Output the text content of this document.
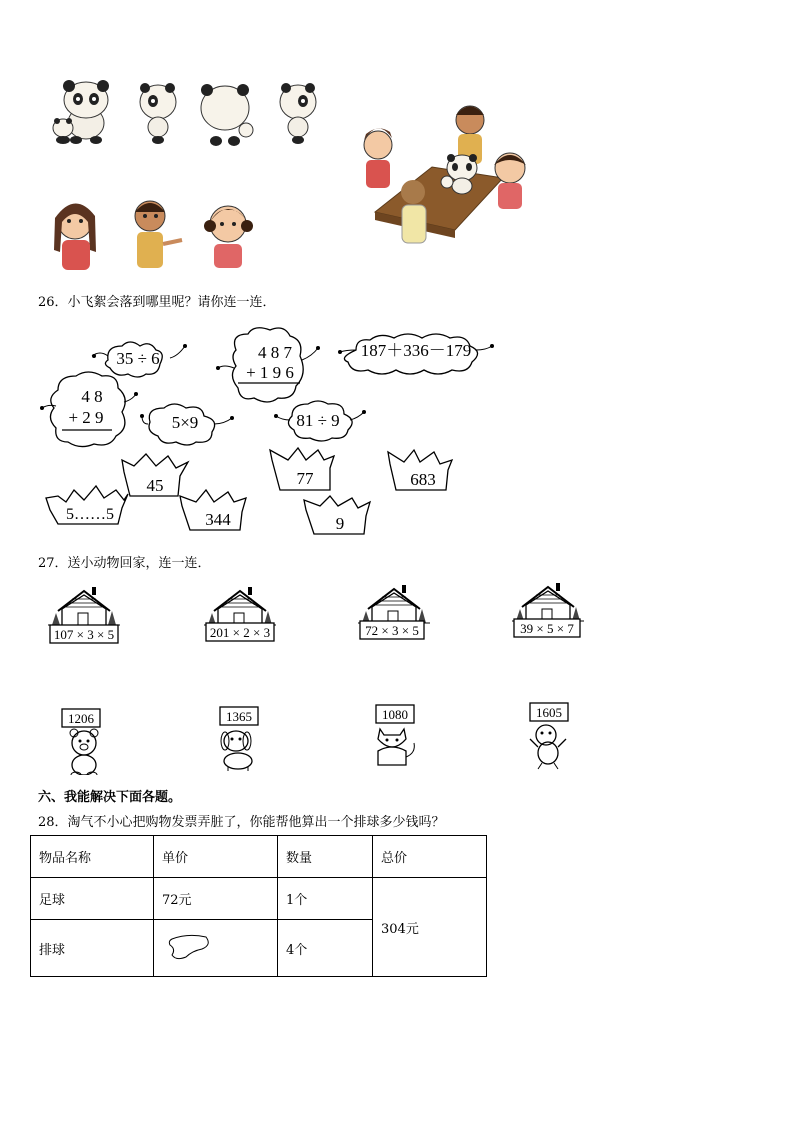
26．小飞絮会落到哪里呢？请你连一连．
35 ÷ 6	4 8 7
+ 1 9 6
187＋336－179
4 8
+ 2 9	5×9	81 ÷ 9
45	77	683
5……5	344	9
27．送小动物回家，连一连．
107 × 3 × 5	201 × 2 × 3	72 × 3 × 5	39 × 5 × 7
1206	1365	1080	1605
六、我能解决下面各题。
28．淘气不小心把购物发票弄脏了，你能帮他算出一个排球多少钱吗？
物品名称	单价	数量	总价
足球	72元	1个	304元
排球		4个	
